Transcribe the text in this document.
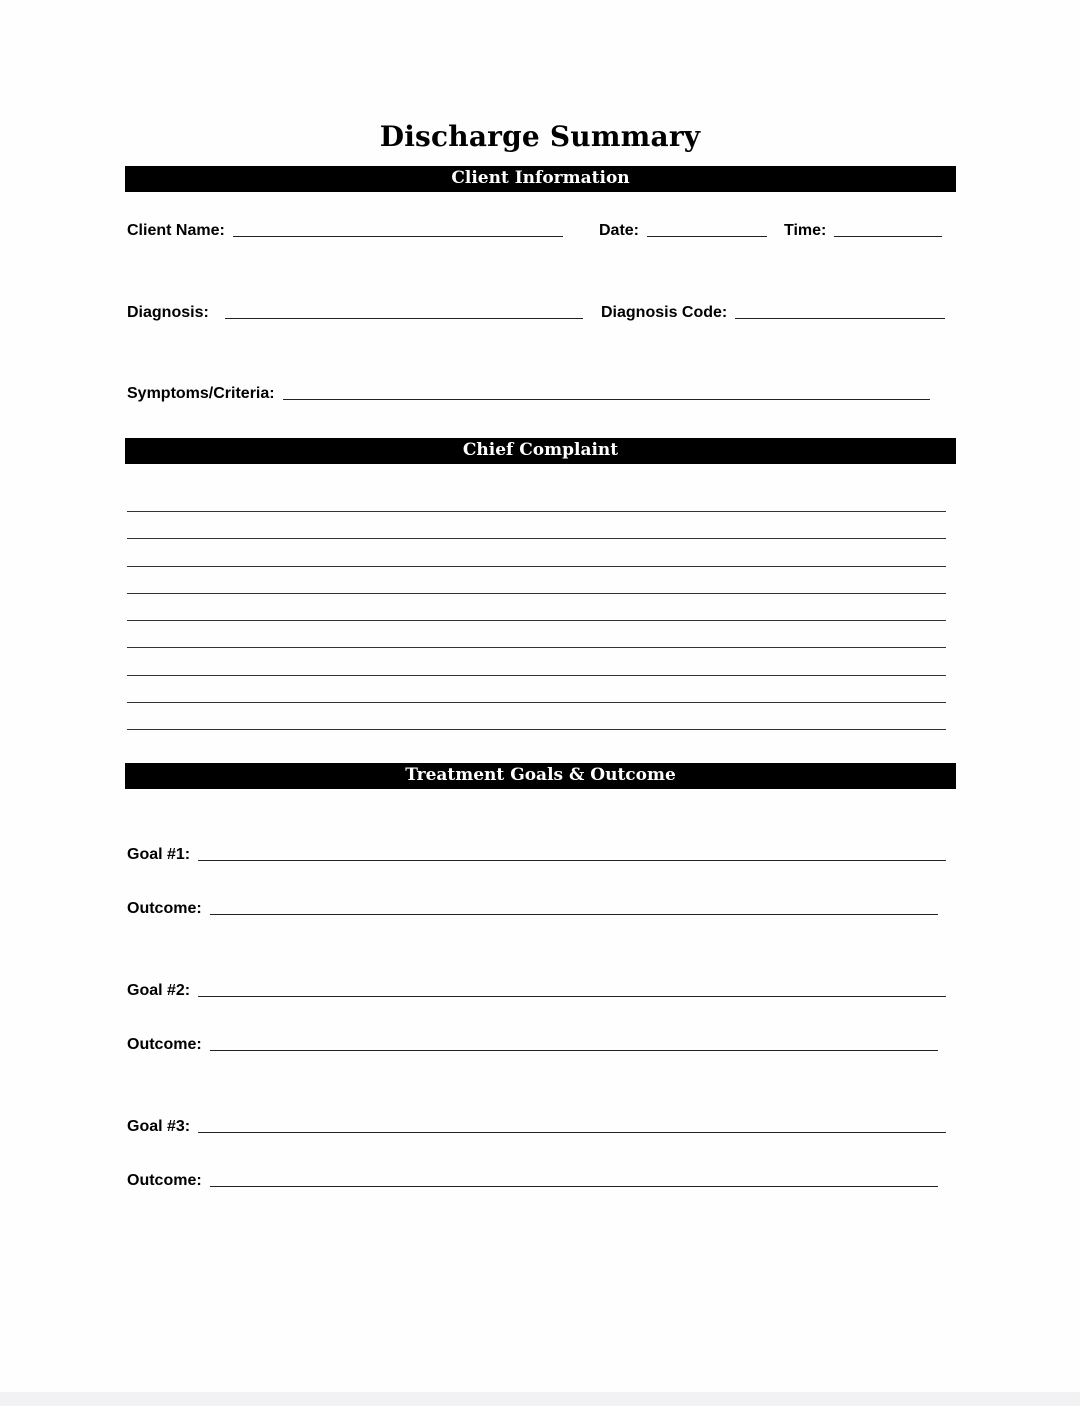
Discharge Summary
Client Information
Client Name:	Date:	Time:
Diagnosis:	Diagnosis Code:
Symptoms/Criteria:
Chief Complaint
Treatment Goals & Outcome
Goal #1:
Outcome:
Goal #2:
Outcome:
Goal #3:
Outcome:
